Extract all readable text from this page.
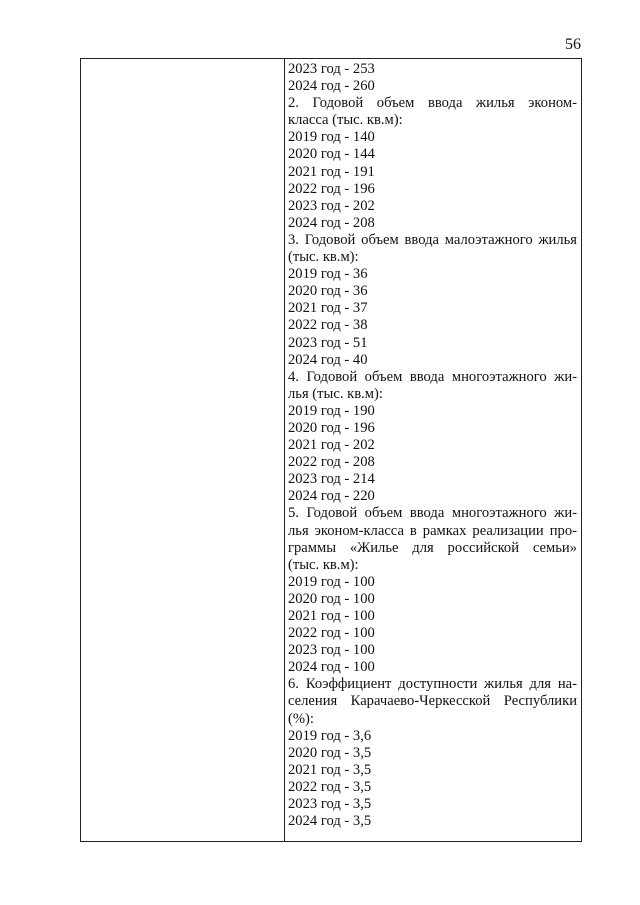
56

2023 год - 253

2024 год - 260

2. Годовой объем ввода жилья эконом-

класса (тыс. кв.м):

2019 год - 140

2020 год - 144

2021 год - 191

2022 год - 196

2023 год - 202

2024 год - 208

3. Годовой объем ввода малоэтажного жилья

(тыс. кв.м):

2019 год - 36

2020 год - 36

2021 год - 37

2022 год - 38

2023 год - 51

2024 год - 40

4. Годовой объем ввода многоэтажного жи-

лья (тыс. кв.м):

2019 год - 190

2020 год - 196

2021 год - 202

2022 год - 208

2023 год - 214

2024 год - 220

5. Годовой объем ввода многоэтажного жи-

лья эконом-класса в рамках реализации про-

граммы «Жилье для российской семьи»

(тыс. кв.м):

2019 год - 100

2020 год - 100

2021 год - 100

2022 год - 100

2023 год - 100

2024 год - 100

6. Коэффициент доступности жилья для на-

селения Карачаево-Черкесской Республики

(%):

2019 год - 3,6

2020 год - 3,5

2021 год - 3,5

2022 год - 3,5

2023 год - 3,5

2024 год - 3,5
